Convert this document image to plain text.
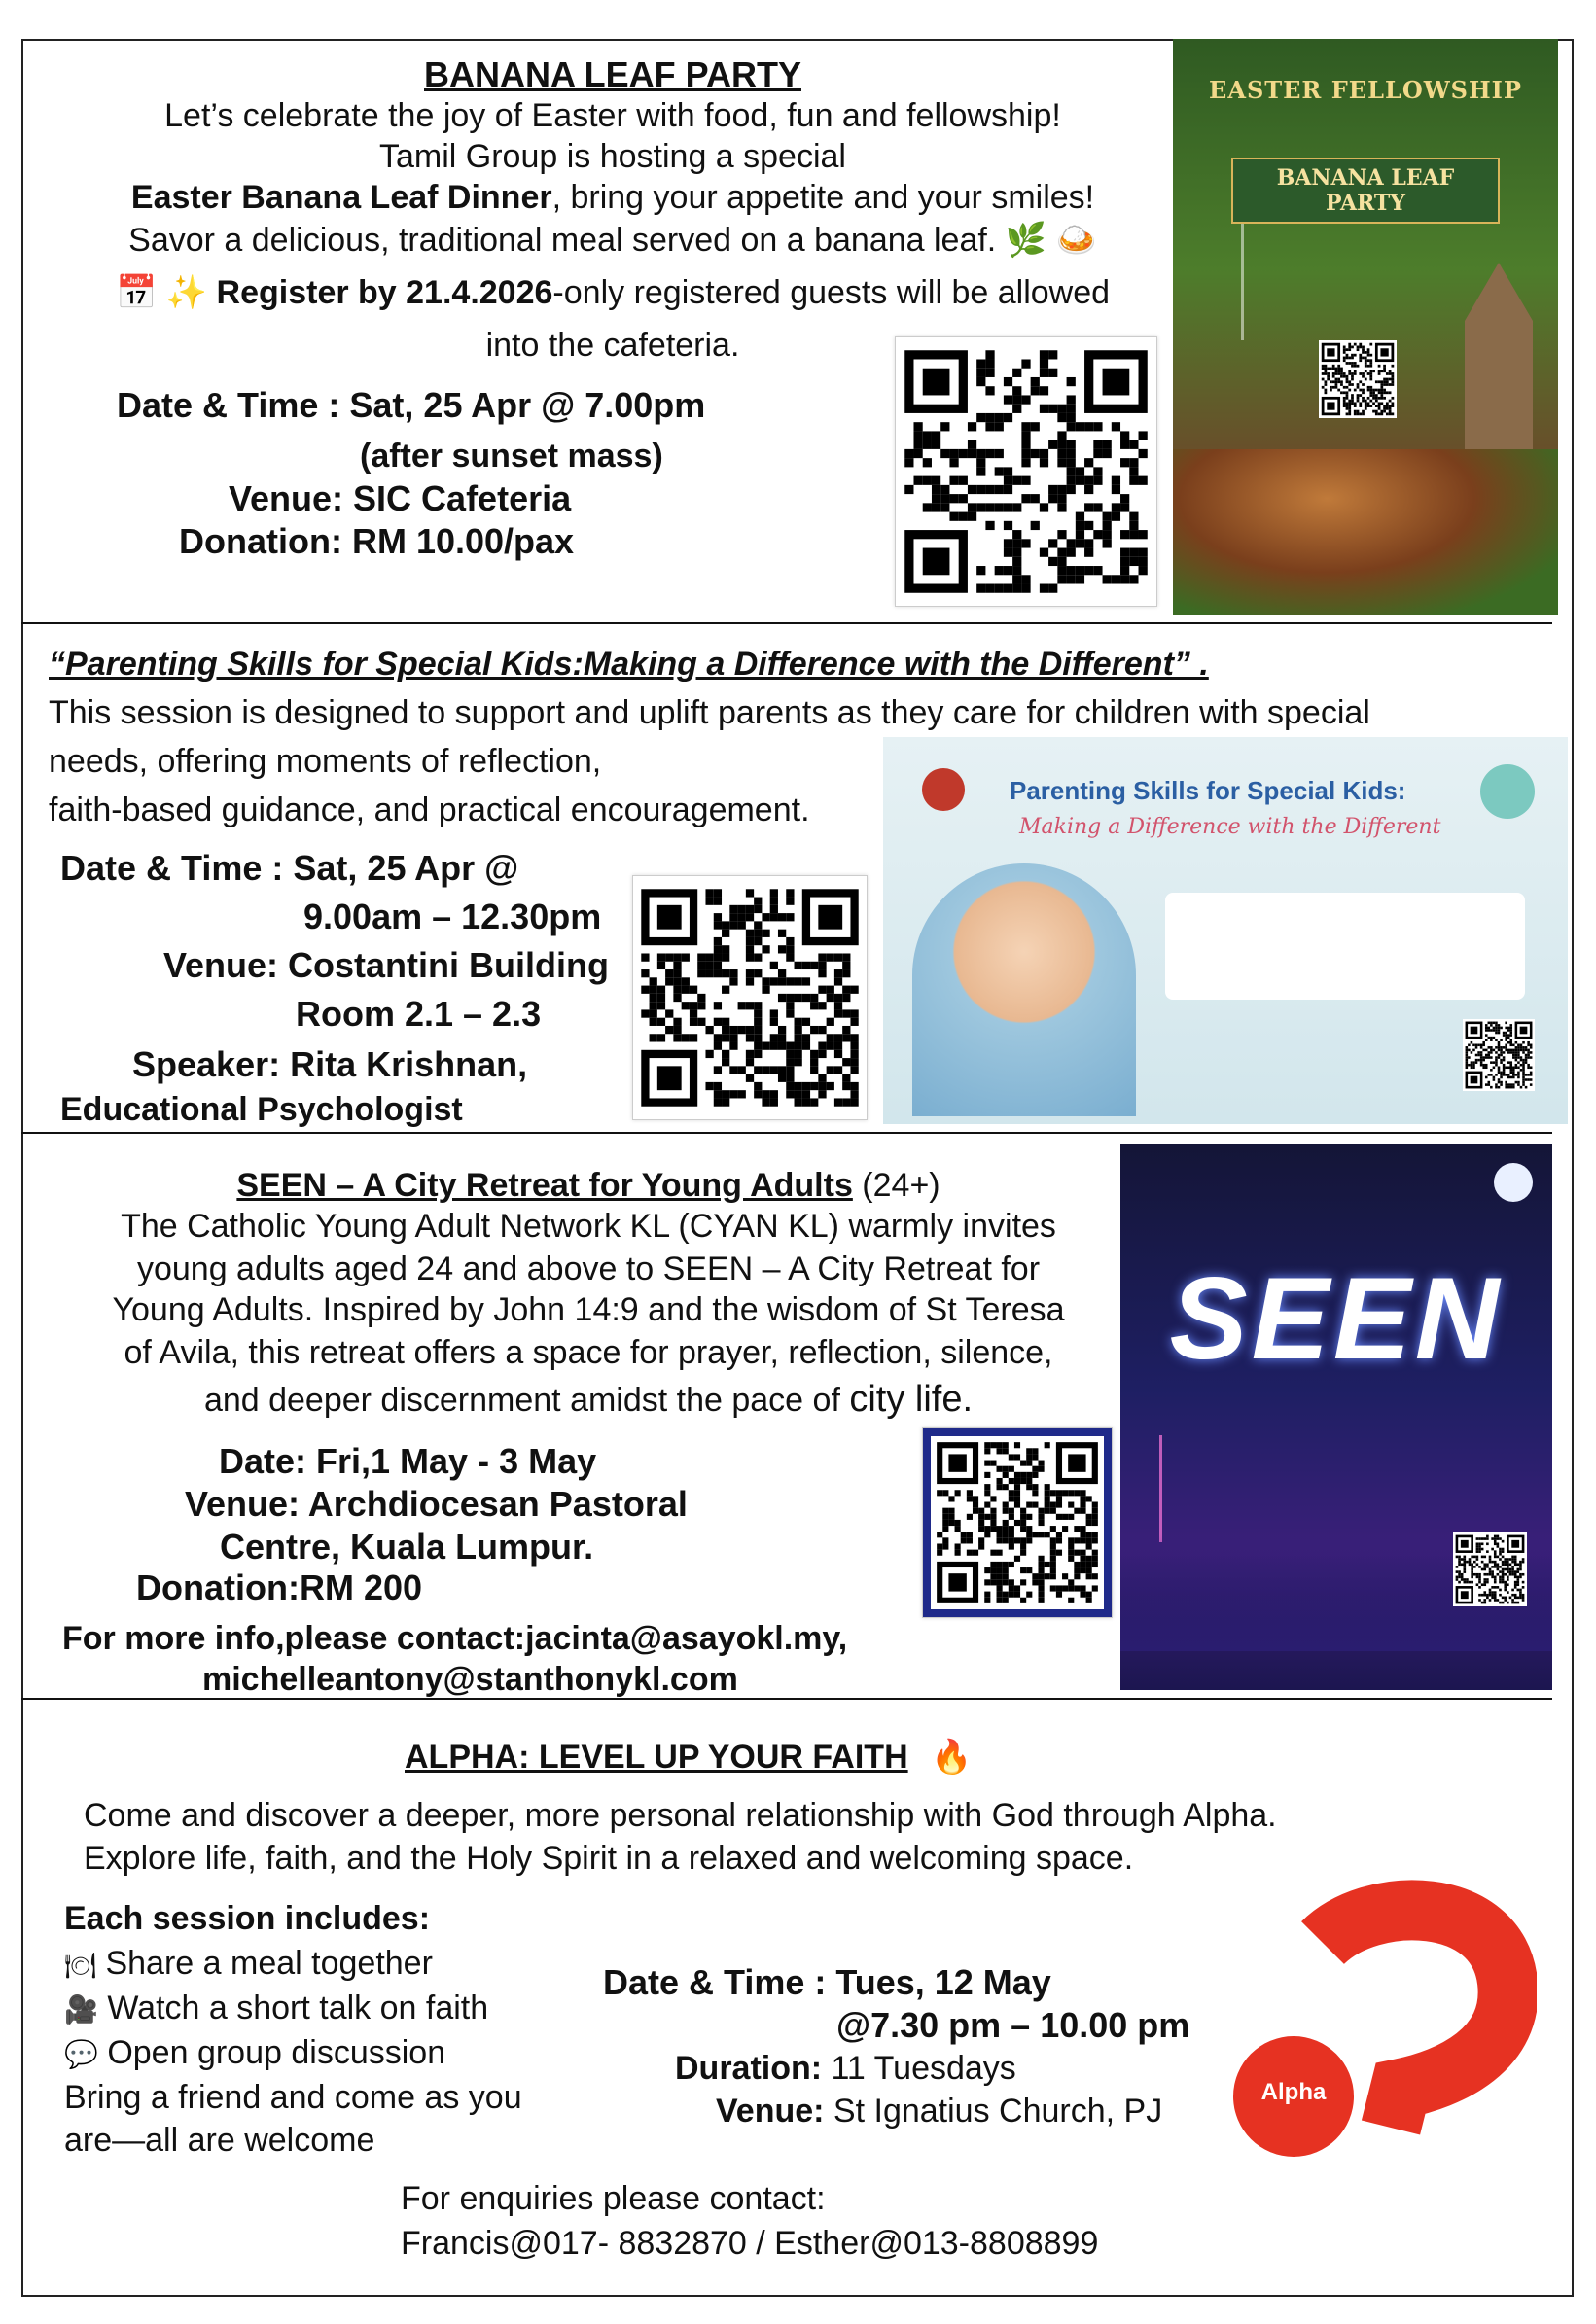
BANANA LEAF PARTY
Let’s celebrate the joy of Easter with food, fun and fellowship!
Tamil Group is hosting a special
Easter Banana Leaf Dinner, bring your appetite and your smiles!
Savor a delicious, traditional meal served on a banana leaf. 🌿 🍛
📅 ✨ Register by 21.4.2026-only registered guests will be allowed
into the cafeteria.
Date & Time : Sat, 25 Apr @ 7.00pm
(after sunset mass)
Venue: SIC Cafeteria
Donation: RM 10.00/pax
EASTER FELLOWSHIP
BANANA LEAF PARTY
“Parenting Skills for Special Kids:Making a Difference with the Different” .
This session is designed to support and uplift parents as they care for children with special
needs, offering moments of reflection,
faith-based guidance, and practical encouragement.
Date & Time : Sat, 25 Apr @
9.00am – 12.30pm
Venue: Costantini Building
Room 2.1 – 2.3
Speaker: Rita Krishnan,
Educational Psychologist
Parenting Skills for Special Kids:
Making a Difference with the Different
SEEN – A City Retreat for Young Adults (24+)
The Catholic Young Adult Network KL (CYAN KL) warmly invites
young adults aged 24 and above to SEEN – A City Retreat for
Young Adults. Inspired by John 14:9 and the wisdom of St Teresa
of Avila, this retreat offers a space for prayer, reflection, silence,
and deeper discernment amidst the pace of city life.
Date: Fri,1 May - 3 May
Venue: Archdiocesan Pastoral
Centre, Kuala Lumpur.
Donation:RM 200
For more info,please contact:jacinta@asayokl.my,
michelleantony@stanthonykl.com
SEEN
ALPHA: LEVEL UP YOUR FAITH 🔥
Come and discover a deeper, more personal relationship with God through Alpha.
Explore life, faith, and the Holy Spirit in a relaxed and welcoming space.
Each session includes:
🍽 Share a meal together
🎥 Watch a short talk on faith
💬 Open group discussion
Bring a friend and come as you
are—all are welcome
Date & Time : Tues, 12 May
@7.30 pm – 10.00 pm
Duration: 11 Tuesdays
Venue: St Ignatius Church, PJ
For enquiries please contact:
Francis@017- 8832870 / Esther@013-8808899
Alpha
